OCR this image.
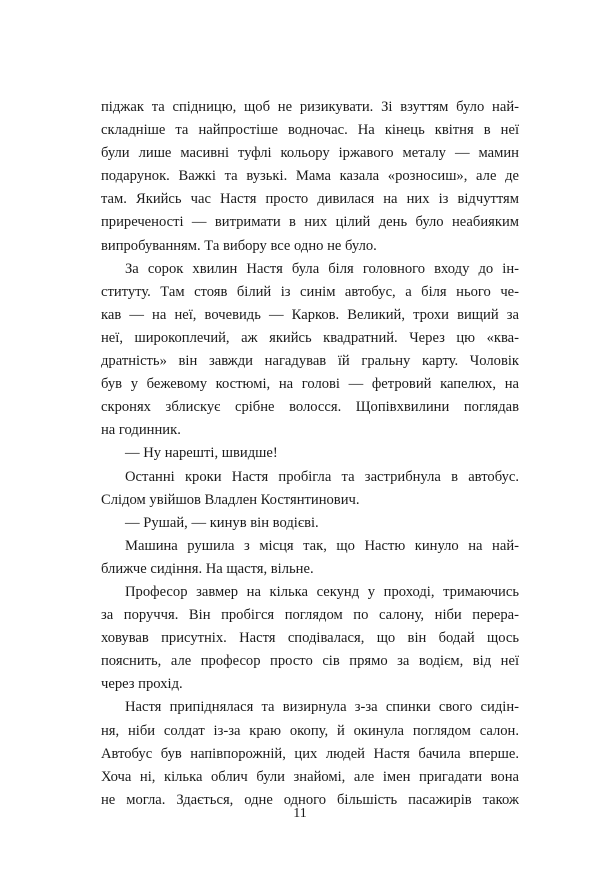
піджак та спідницю, щоб не ризикувати. Зі взуттям було най-
складніше та найпростіше водночас. На кінець квітня в неї
були лише масивні туфлі кольору іржавого металу — мамин
подарунок. Важкі та вузькі. Мама казала «розносиш», але де
там. Якийсь час Настя просто дивилася на них із відчуттям
приреченості — витримати в них цілий день було неабияким
випробуванням. Та вибору все одно не було.
За сорок хвилин Настя була біля головного входу до ін-
ституту. Там стояв білий із синім автобус, а біля нього че-
кав — на неї, вочевидь — Карков. Великий, трохи вищий за
неї, широкоплечий, аж якийсь квадратний. Через цю «ква-
дратність» він завжди нагадував їй гральну карту. Чоловік
був у бежевому костюмі, на голові — фетровий капелюх, на
скронях зблискує срібне волосся. Щопівхвилини поглядав
на годинник.
— Ну нарешті, швидше!
Останні кроки Настя пробігла та застрибнула в автобус.
Слідом увійшов Владлен Костянтинович.
— Рушай, — кинув він водієві.
Машина рушила з місця так, що Настю кинуло на най-
ближче сидіння. На щастя, вільне.
Професор завмер на кілька секунд у проході, тримаючись
за поруччя. Він пробігся поглядом по салону, ніби перера-
ховував присутніх. Настя сподівалася, що він бодай щось
пояснить, але професор просто сів прямо за водієм, від неї
через прохід.
Настя припіднялася та визирнула з-за спинки свого сидін-
ня, ніби солдат із-за краю окопу, й окинула поглядом салон.
Автобус був напівпорожній, цих людей Настя бачила вперше.
Хоча ні, кілька облич були знайомі, але імен пригадати вона
не могла. Здається, одне одного більшість пасажирів також
11
